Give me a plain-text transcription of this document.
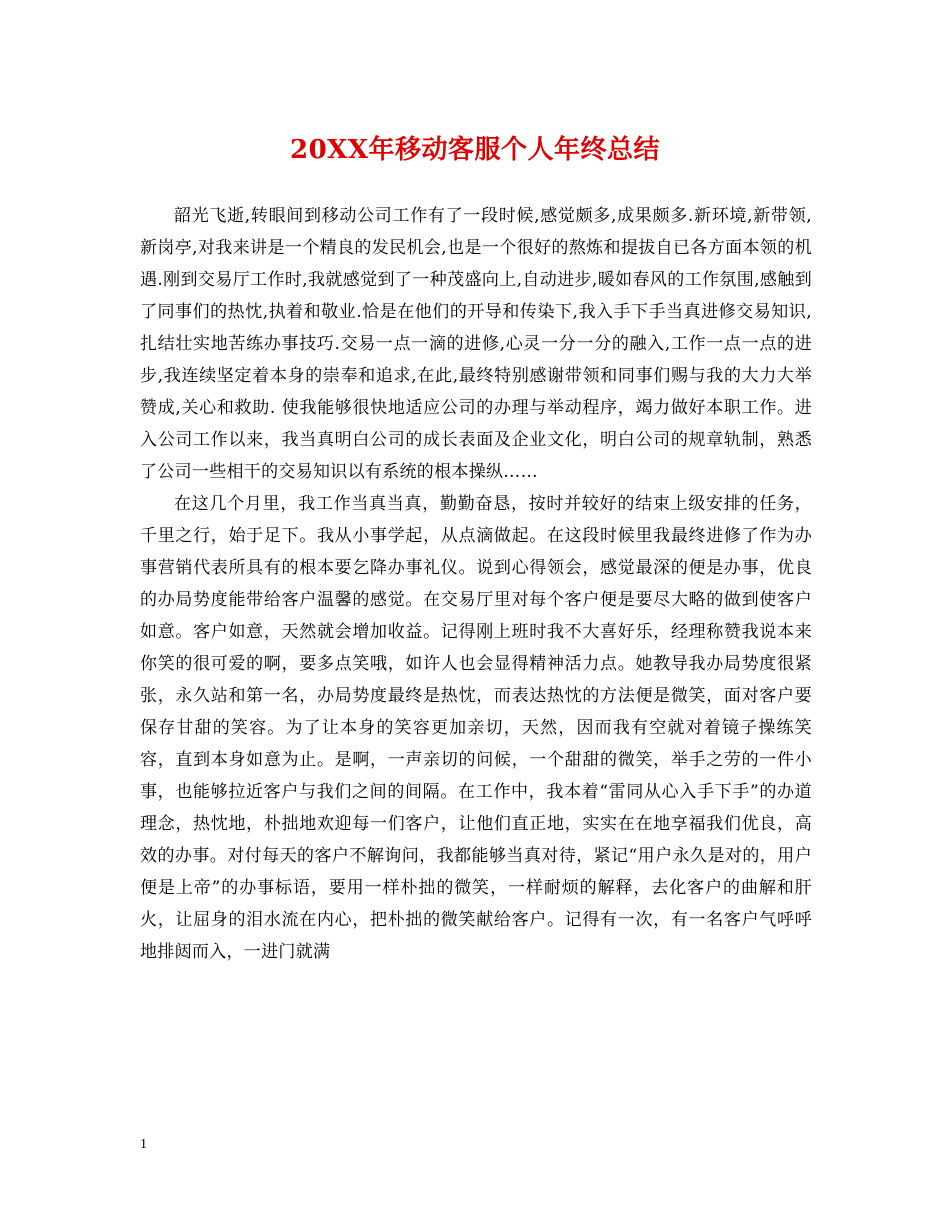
20XX年移动客服个人年终总结

韶光飞逝,转眼间到移动公司工作有了一段时候,感觉颇多,成果颇多.新环境,新带领,新岗亭,对我来讲是一个精良的发民机会,也是一个很好的熬炼和提拔自已各方面本领的机遇.刚到交易厅工作时,我就感觉到了一种茂盛向上,自动进步,暖如春风的工作氛围,感触到了同事们的热忱,执着和敬业.恰是在他们的开导和传染下,我入手下手当真进修交易知识,扎结壮实地苦练办事技巧.交易一点一滴的进修,心灵一分一分的融入,工作一点一点的进步,我连续坚定着本身的崇奉和追求,在此,最终特别感谢带领和同事们赐与我的大力大举赞成,关心和救助. 使我能够很快地适应公司的办理与举动程序，竭力做好本职工作。进入公司工作以来，我当真明白公司的成长表面及企业文化，明白公司的规章轨制，熟悉了公司一些相干的交易知识以有系统的根本操纵……

在这几个月里，我工作当真当真，勤勤奋恳，按时并较好的结束上级安排的任务，千里之行，始于足下。我从小事学起，从点滴做起。在这段时候里我最终进修了作为办事营销代表所具有的根本要乞降办事礼仪。说到心得领会，感觉最深的便是办事，优良的办局势度能带给客户温馨的感觉。在交易厅里对每个客户便是要尽大略的做到使客户如意。客户如意，天然就会增加收益。记得刚上班时我不大喜好乐，经理称赞我说本来你笑的很可爱的啊，要多点笑哦，如许人也会显得精神活力点。她教导我办局势度很紧张，永久站和第一名，办局势度最终是热忱，而表达热忱的方法便是微笑，面对客户要保存甘甜的笑容。为了让本身的笑容更加亲切，天然，因而我有空就对着镜子操练笑容，直到本身如意为止。是啊，一声亲切的问候，一个甜甜的微笑，举手之劳的一件小事，也能够拉近客户与我们之间的间隔。在工作中，我本着“雷同从心入手下手”的办道理念，热忱地，朴拙地欢迎每一们客户，让他们直正地，实实在在地享福我们优良，高效的办事。对付每天的客户不解询问，我都能够当真对待，紧记“用户永久是对的，用户便是上帝”的办事标语，要用一样朴拙的微笑，一样耐烦的解释，去化客户的曲解和肝火，让屈身的泪水流在内心，把朴拙的微笑献给客户。记得有一次，有一名客户气呼呼地排闼而入，一进门就满

1
